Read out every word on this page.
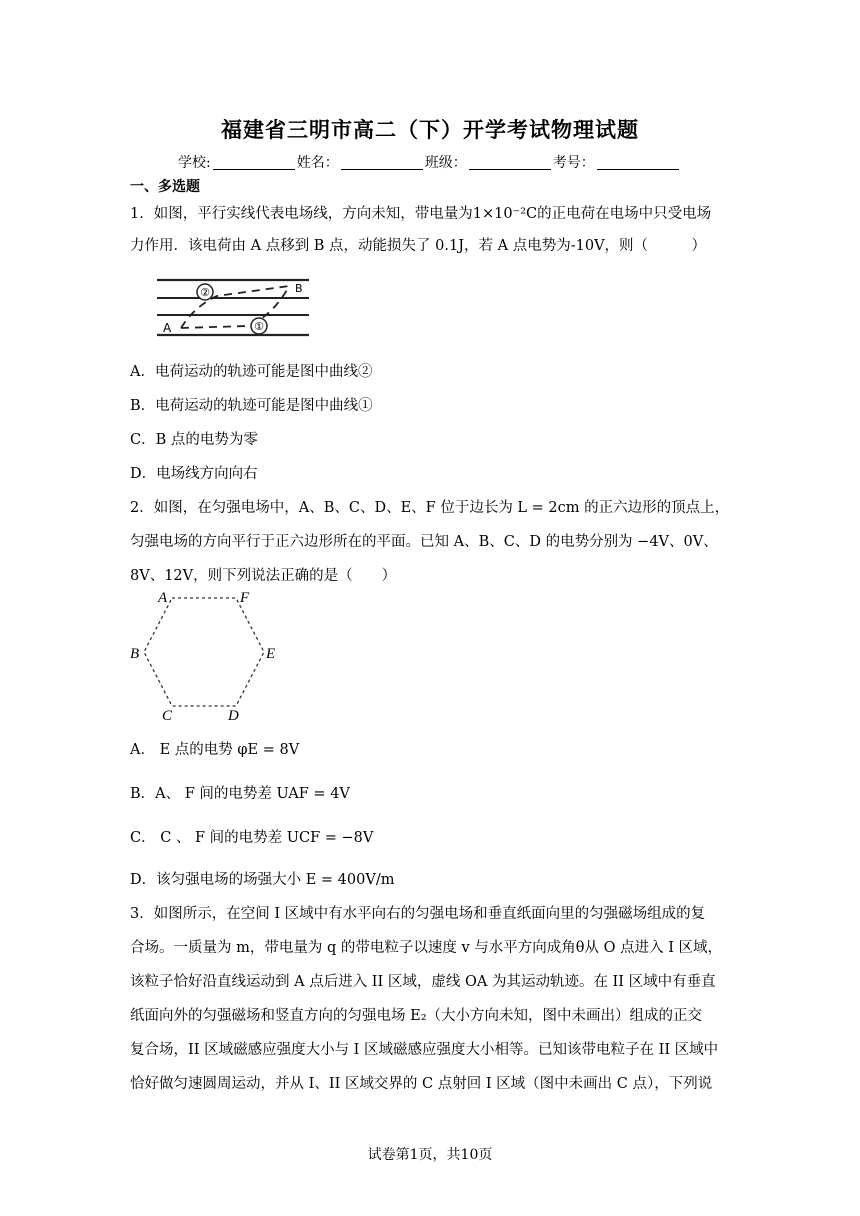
福建省三明市高二（下）开学考试物理试题
学校:	姓名：	班级：	考号：
一、多选题
1．如图，平行实线代表电场线，方向未知，带电量为1×10⁻²C的正电荷在电场中只受电场
力作用．该电荷由 A 点移到 B 点，动能损失了 0.1J，若 A 点电势为-10V，则（　　　）
②	B
A	①
A．电荷运动的轨迹可能是图中曲线②
B．电荷运动的轨迹可能是图中曲线①
C．B 点的电势为零
D．电场线方向向右
2．如图，在匀强电场中，A、B、C、D、E、F 位于边长为 L = 2cm 的正六边形的顶点上，
匀强电场的方向平行于正六边形所在的平面。已知 A、B、C、D 的电势分别为 −4V、0V、
8V、12V，则下列说法正确的是（　　）
A	F
B	E
C	D
A． E 点的电势 φE = 8V
B．A、 F 间的电势差 UAF = 4V
C． C 、 F 间的电势差 UCF = −8V
D．该匀强电场的场强大小 E = 400V/m
3．如图所示，在空间 I 区域中有水平向右的匀强电场和垂直纸面向里的匀强磁场组成的复
合场。一质量为 m，带电量为 q 的带电粒子以速度 v 与水平方向成角θ从 O 点进入 I 区域，
该粒子恰好沿直线运动到 A 点后进入 II 区域，虚线 OA 为其运动轨迹。在 II 区域中有垂直
纸面向外的匀强磁场和竖直方向的匀强电场 E₂（大小方向未知，图中未画出）组成的正交
复合场，II 区域磁感应强度大小与 I 区域磁感应强度大小相等。已知该带电粒子在 II 区域中
恰好做匀速圆周运动，并从 I、II 区域交界的 C 点射回 I 区域（图中未画出 C 点），下列说
试卷第1页，共10页
